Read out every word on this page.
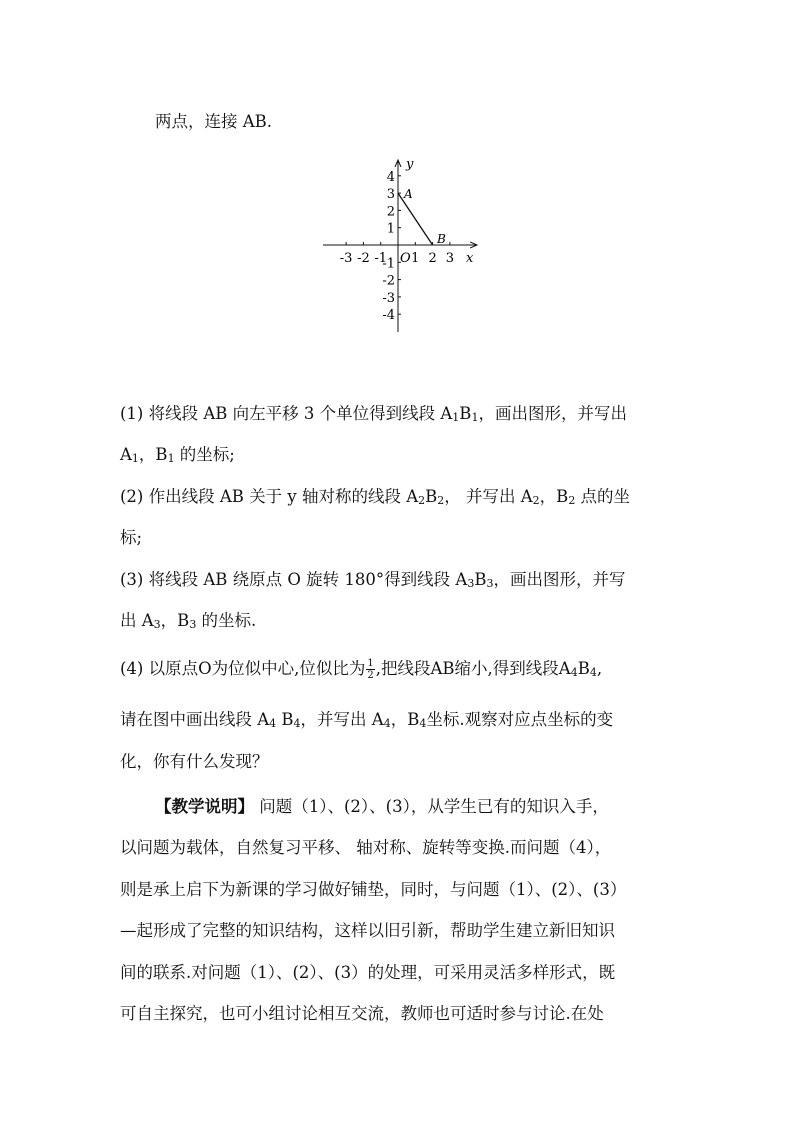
两点，连接 AB.
y
x
O
A
B
-3 -2 -1 1 2 3
4
3
2
1
-1
-2
-3
-4
(1) 将线段 AB 向左平移 3 个单位得到线段 $A_1B_1$，画出图形，并写出
$A_1$，$B_1$ 的坐标;
(2) 作出线段 AB 关于 y 轴对称的线段 $A_2B_2$， 并写出 $A_2$，$B_2$ 点的坐
标;
(3) 将线段 AB 绕原点 O 旋转 180°得到线段 $A_3B_3$，画出图形，并写
出 $A_3$，$B_3$ 的坐标.
(4) 以原点O为位似中心,位似比为 $\frac{1}{2}$ ,把线段AB缩小,得到线段$A_4B_4$,
请在图中画出线段 $A_4$ $B_4$，并写出 $A_4$，$B_4$坐标.观察对应点坐标的变
化，你有什么发现？
【教学说明】 问题（1）、(2）、(3），从学生已有的知识入手，
以问题为载体，自然复习平移、 轴对称、旋转等变换.而问题（4），
则是承上启下为新课的学习做好铺垫，同时，与问题（1）、(2）、(3）
—起形成了完整的知识结构，这样以旧引新，帮助学生建立新旧知识
间的联系.对问题（1）、(2）、(3）的处理，可采用灵活多样形式，既
可自主探究，也可小组讨论相互交流，教师也可适时参与讨论.在处
